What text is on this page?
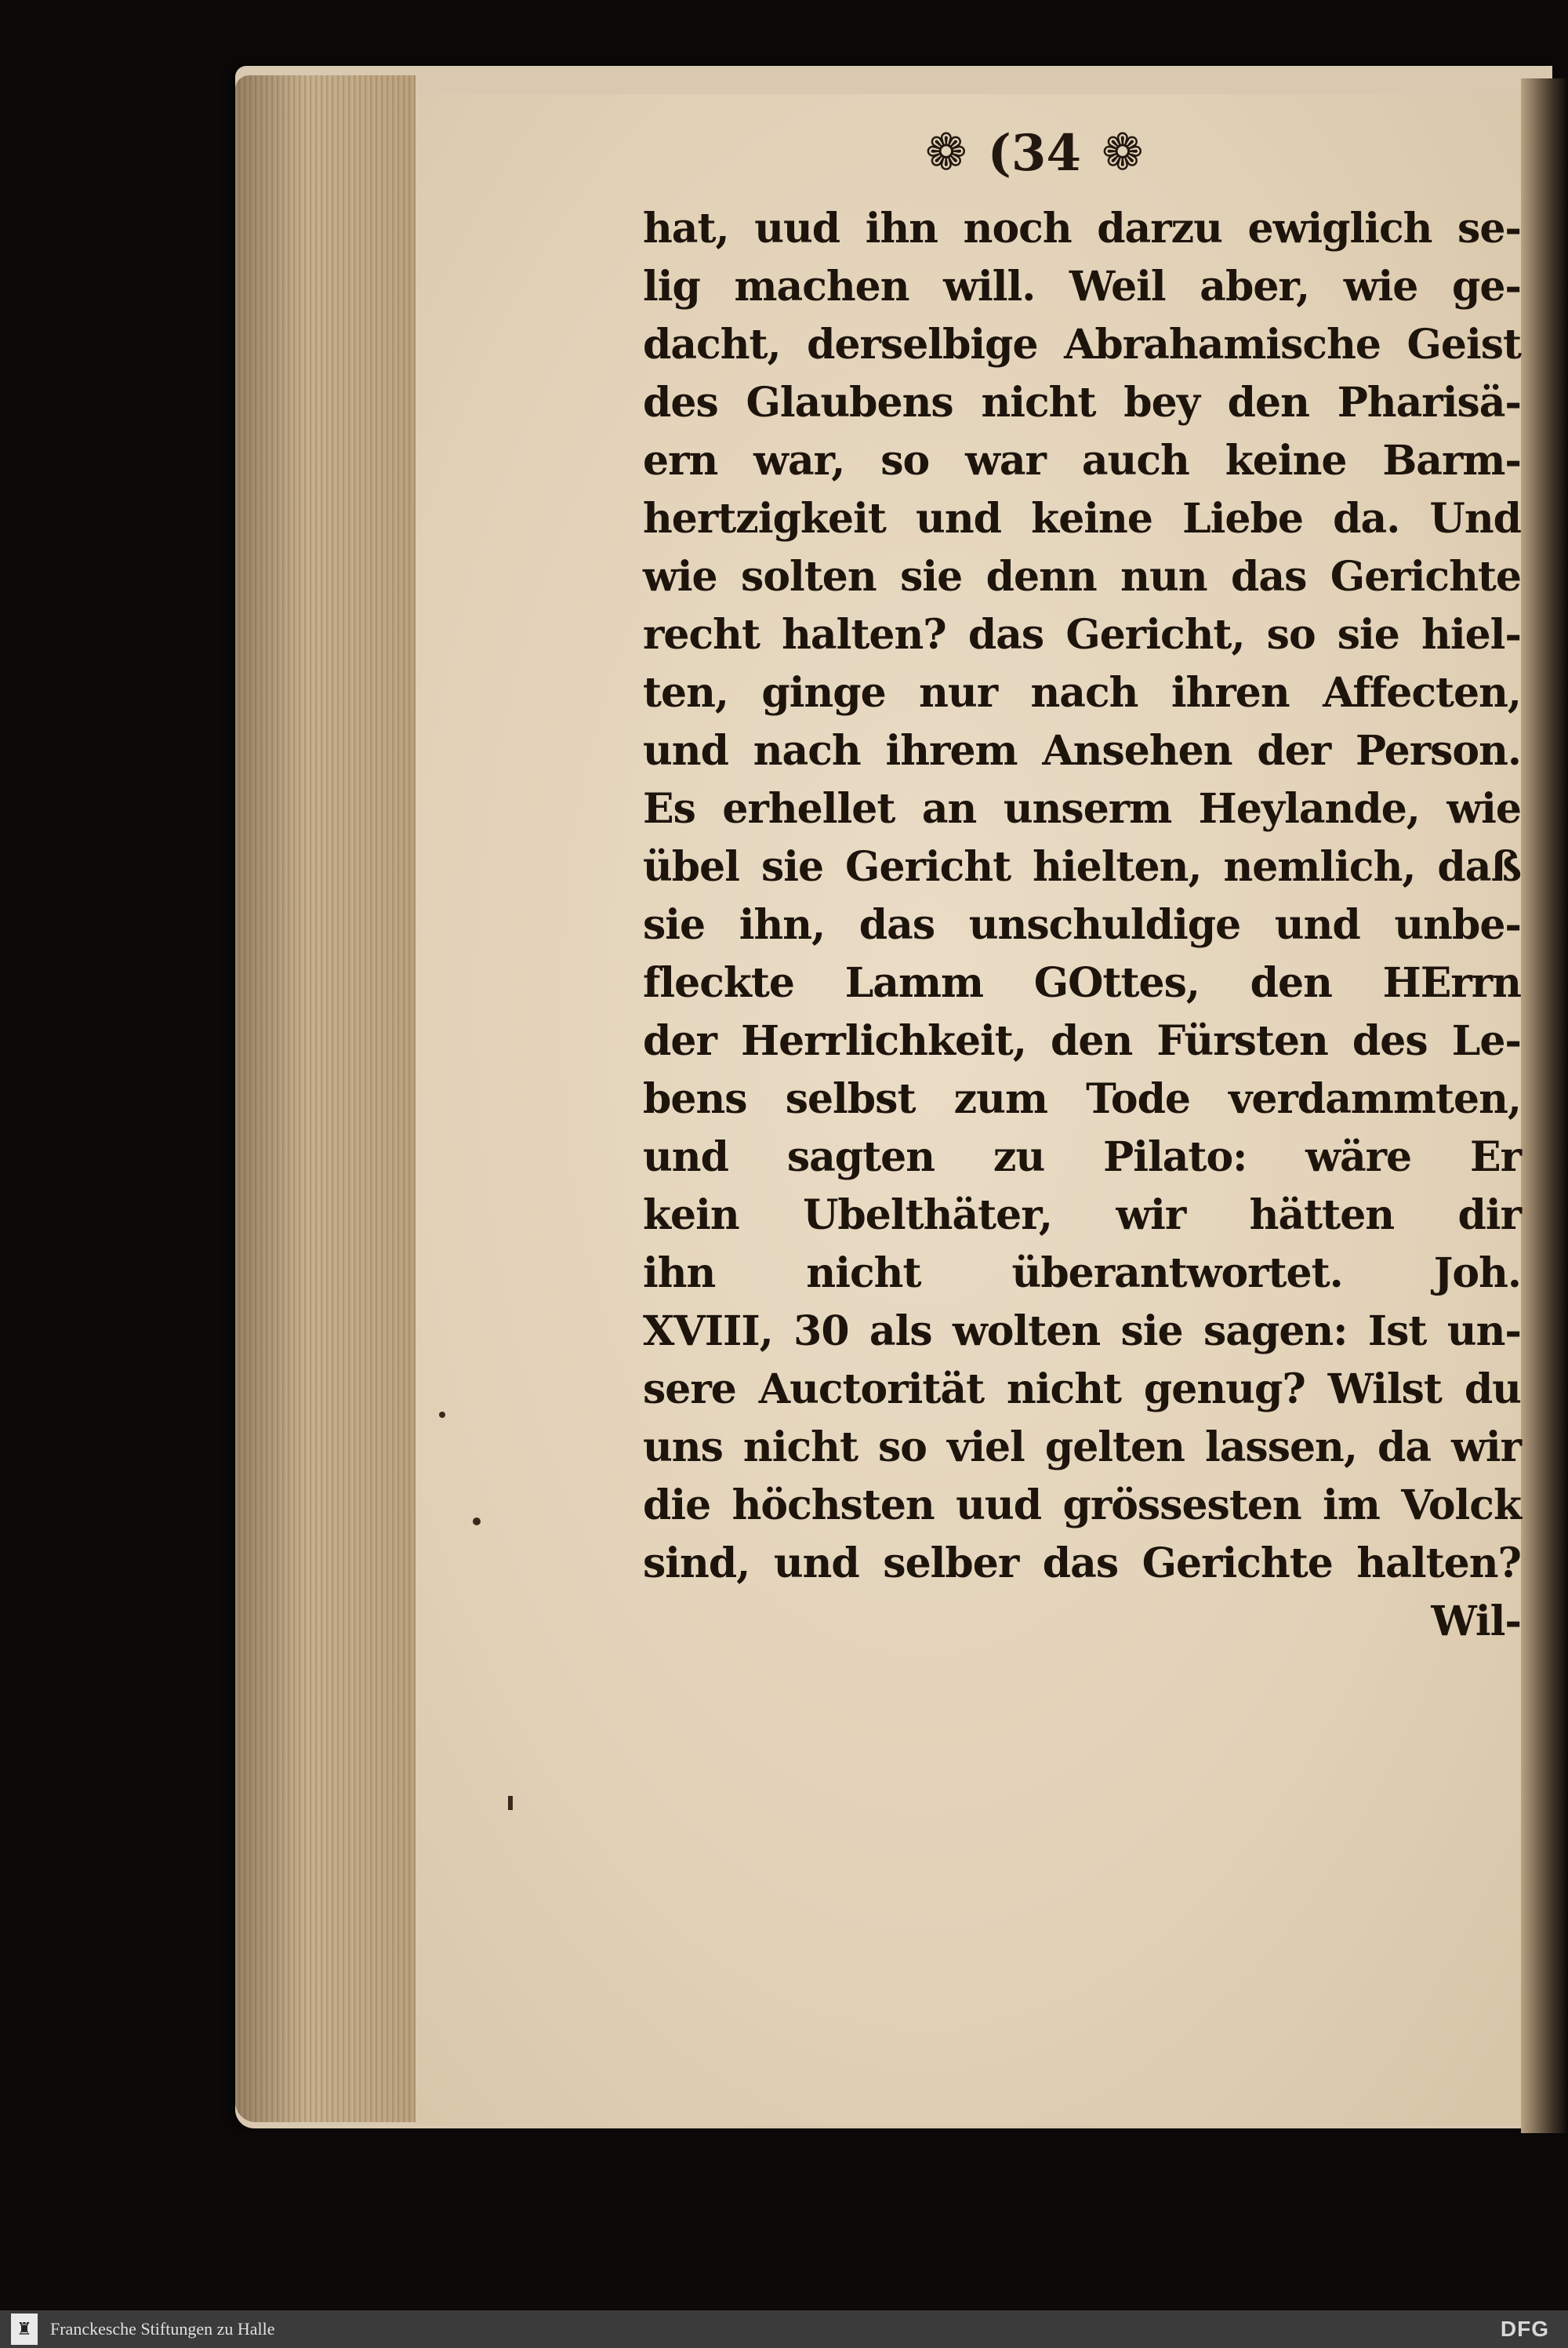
❁ (34 ❁
hat, uud ihn noch darzu ewiglich se-
lig machen will. Weil aber, wie ge-
dacht, derselbige Abrahamische Geist
des Glaubens nicht bey den Pharisä-
ern war, so war auch keine Barm-
hertzigkeit und keine Liebe da. Und
wie solten sie denn nun das Gerichte
recht halten? das Gericht, so sie hiel-
ten, ginge nur nach ihren Affecten,
und nach ihrem Ansehen der Person.
Es erhellet an unserm Heylande, wie
übel sie Gericht hielten, nemlich, daß
sie ihn, das unschuldige und unbe-
fleckte Lamm GOttes, den HErrn
der Herrlichkeit, den Fürsten des Le-
bens selbst zum Tode verdammten,
und sagten zu Pilato: wäre Er
kein Ubelthäter, wir hätten dir
ihn nicht überantwortet. Joh.
XVIII, 30 als wolten sie sagen: Ist un-
sere Auctorität nicht genug? Wilst du
uns nicht so viel gelten lassen, da wir
die höchsten uud grössesten im Volck
sind, und selber das Gerichte halten?
Wil-
♜	Franckesche Stiftungen zu Halle	DFG
